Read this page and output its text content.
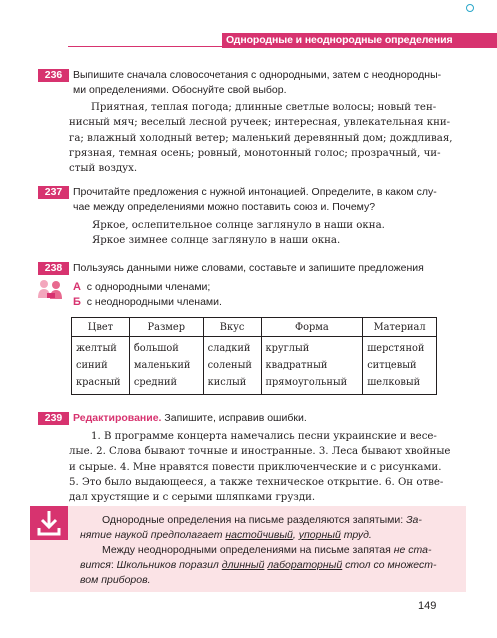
Однородные и неоднородные определения
236	Выпишите сначала словосочетания с однородными, затем с неоднородны-
ми определениями. Обоснуйте свой выбор.
Приятная, теплая погода; длинные светлые волосы; новый тен-
нисный мяч; веселый лесной ручеек; интересная, увлекательная кни-
га; влажный холодный ветер; маленький деревянный дом; дождливая,
грязная, темная осень; ровный, монотонный голос; прозрачный, чи-
стый воздух.
237	Прочитайте предложения с нужной интонацией. Определите, в каком слу-
чае между определениями можно поставить союз и. Почему?
Яркое, ослепительное солнце заглянуло в наши окна.
Яркое зимнее солнце заглянуло в наши окна.
238	Пользуясь данными ниже словами, составьте и запишите предложения
А с однородными членами;
Б с неоднородными членами.
Цвет	Размер	Вкус	Форма	Материал
желтый	большой	сладкий	круглый	шерстяной
синий	маленький	соленый	квадратный	ситцевый
красный	средний	кислый	прямоугольный	шелковый
239	Редактирование. Запишите, исправив ошибки.
1. В программе концерта намечались песни украинские и весе-
лые. 2. Слова бывают точные и иностранные. 3. Леса бывают хвойные
и сырые. 4. Мне нравятся повести приключенческие и с рисунками.
5. Это было выдающееся, а также техническое открытие. 6. Он отве-
дал хрустящие и с серыми шляпками грузди.
Однородные определения на письме разделяются запятыми: За-
нятие наукой предполагает настойчивый, упорный труд.
Между неоднородными определениями на письме запятая не ста-
вится: Школьников поразил длинный лабораторный стол со множест-
вом приборов.
149
